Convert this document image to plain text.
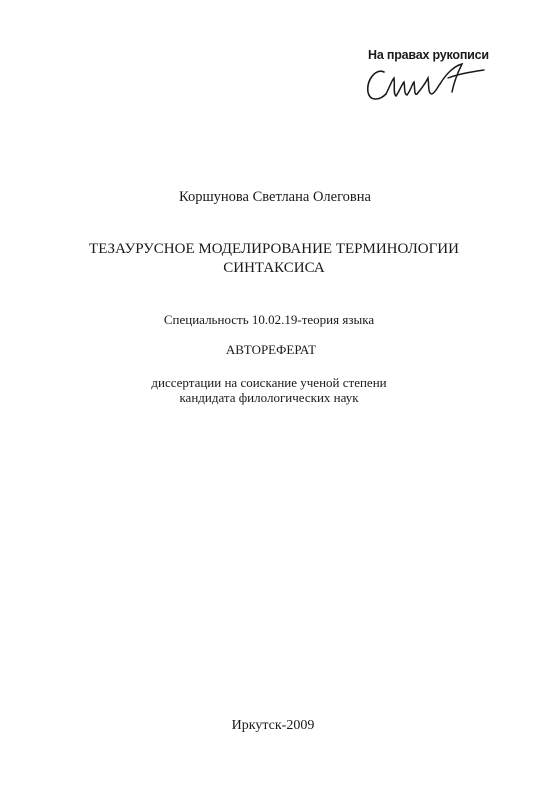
На правах рукописи
Коршунова Светлана Олеговна
ТЕЗАУРУСНОЕ МОДЕЛИРОВАНИЕ ТЕРМИНОЛОГИИ
СИНТАКСИСА
Специальность 10.02.19-теория языка
АВТОРЕФЕРАТ
диссертации на соискание ученой степени
кандидата филологических наук
Иркутск-2009
